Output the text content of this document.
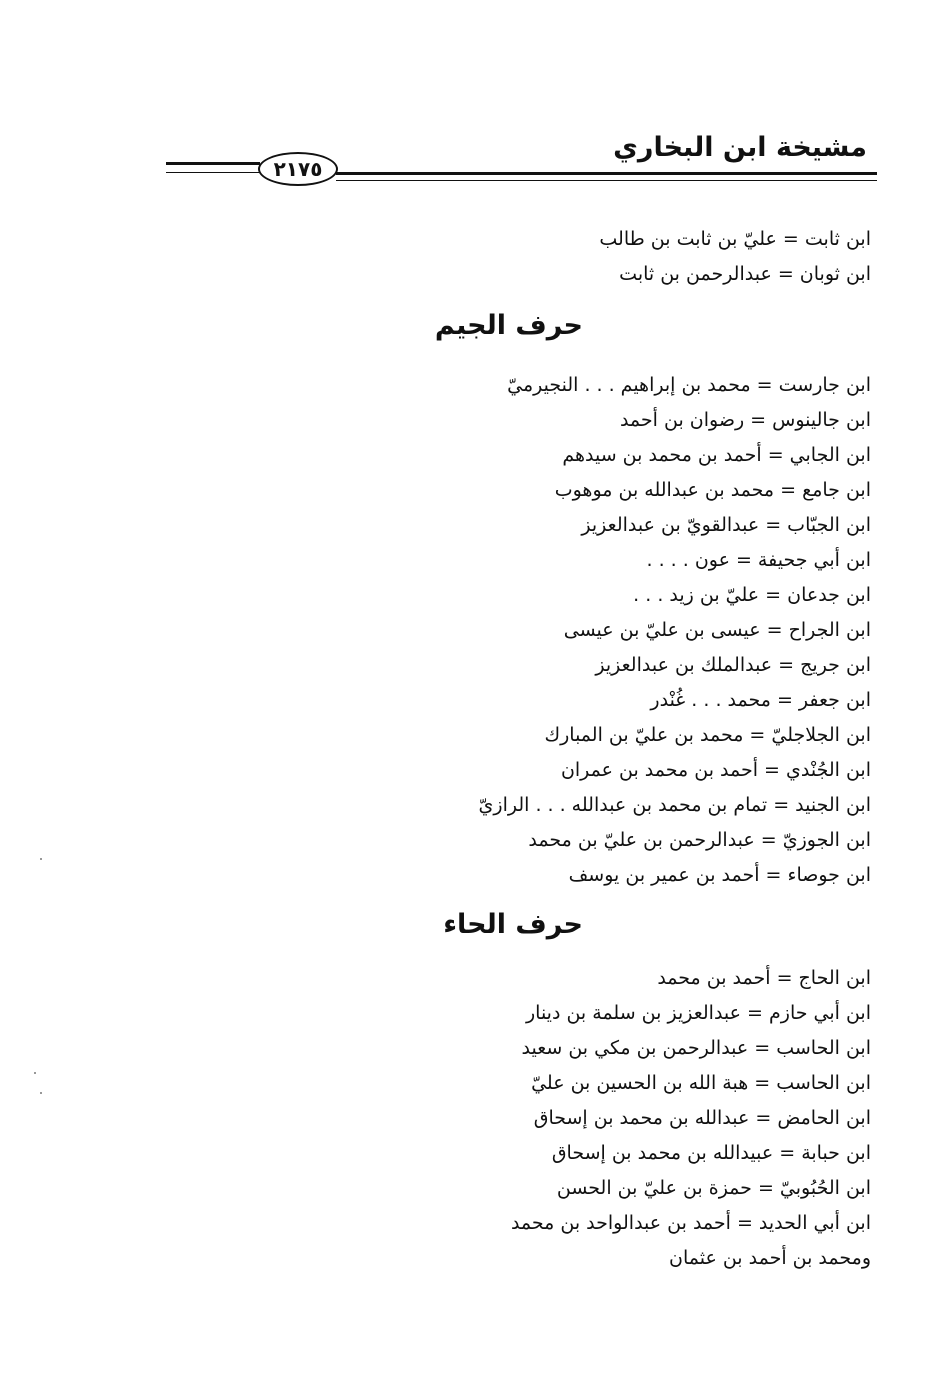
مشيخة ابن البخاري
٢١٧٥
ابن ثابت = عليّ بن ثابت بن طالب
ابن ثوبان = عبدالرحمن بن ثابت
حرف الجيم
ابن جارست = محمد بن إبراهيم . . . النجيرميّ
ابن جالينوس = رضوان بن أحمد
ابن الجابي = أحمد بن محمد بن سيدهم
ابن جامع = محمد بن عبدالله بن موهوب
ابن الجبّاب = عبدالقويّ بن عبدالعزيز
ابن أبي جحيفة = عون . . . .
ابن جدعان = عليّ بن زيد . . .
ابن الجراح = عيسى بن عليّ بن عيسى
ابن جريج = عبدالملك بن عبدالعزيز
ابن جعفر = محمد . . . غُنْدر
ابن الجلاجليّ = محمد بن عليّ بن المبارك
ابن الجُنْدي = أحمد بن محمد بن عمران
ابن الجنيد = تمام بن محمد بن عبدالله . . . الرازيّ
ابن الجوزيّ = عبدالرحمن بن عليّ بن محمد
ابن جوصاء = أحمد بن عمير بن يوسف
حرف الحاء
ابن الحاج = أحمد بن محمد
ابن أبي حازم = عبدالعزيز بن سلمة بن دينار
ابن الحاسب = عبدالرحمن بن مكي بن سعيد
ابن الحاسب = هبة الله بن الحسين بن عليّ
ابن الحامض = عبدالله بن محمد بن إسحاق
ابن حبابة = عبيدالله بن محمد بن إسحاق
ابن الحُبُوبيّ = حمزة بن عليّ بن الحسن
ابن أبي الحديد = أحمد بن عبدالواحد بن محمد
ومحمد بن أحمد بن عثمان
